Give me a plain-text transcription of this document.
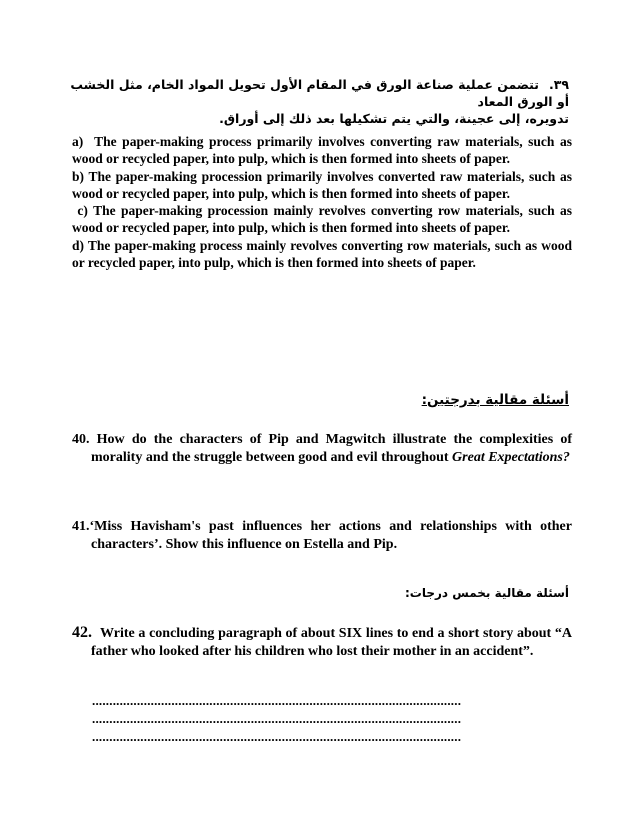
٣٩.تتضمن عملية صناعة الورق في المقام الأول تحويل المواد الخام، مثل الخشب أو الورق المعاد
تدويره، إلى عجينة، والتي يتم تشكيلها بعد ذلك إلى أوراق.

a) The paper-making process primarily involves converting raw materials, such as wood or recycled paper, into pulp, which is then formed into sheets of paper.

b) The paper-making procession primarily involves converted raw materials, such as wood or recycled paper, into pulp, which is then formed into sheets of paper.

c) The paper-making procession mainly revolves converting row materials, such as wood or recycled paper, into pulp, which is then formed into sheets of paper.

d) The paper-making process mainly revolves converting row materials, such as wood or recycled paper, into pulp, which is then formed into sheets of paper.

أسئلة مقالية بدرجتين:
40. How do the characters of Pip and Magwitch illustrate the complexities of morality and the struggle between good and evil throughout Great Expectations?
41.‘Miss Havisham's past influences her actions and relationships with other characters’. Show this influence on Estella and Pip.
أسئلة مقالية بخمس درجات:
42. Write a concluding paragraph of about SIX lines to end a short story about “A father who looked after his children who lost their mother in an accident”.
...........................................................................................................
...........................................................................................................
...........................................................................................................
